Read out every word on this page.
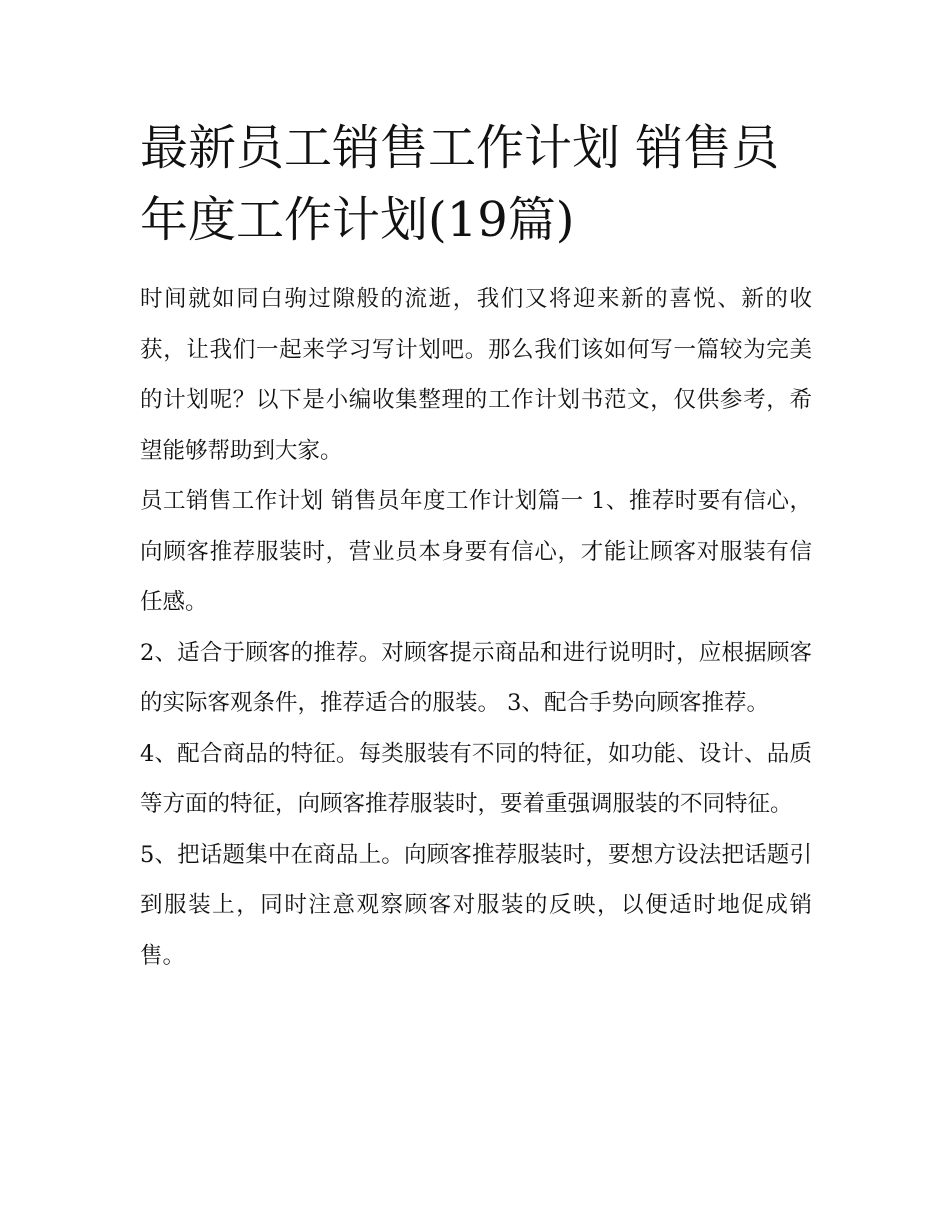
最新员工销售工作计划 销售员年度工作计划(19篇)

时间就如同白驹过隙般的流逝，我们又将迎来新的喜悦、新的收获，让我们一起来学习写计划吧。那么我们该如何写一篇较为完美的计划呢？以下是小编收集整理的工作计划书范文，仅供参考，希望能够帮助到大家。

员工销售工作计划 销售员年度工作计划篇一 1、推荐时要有信心，向顾客推荐服装时，营业员本身要有信心，才能让顾客对服装有信任感。

2、适合于顾客的推荐。对顾客提示商品和进行说明时，应根据顾客的实际客观条件，推荐适合的服装。 3、配合手势向顾客推荐。

4、配合商品的特征。每类服装有不同的特征，如功能、设计、品质等方面的特征，向顾客推荐服装时，要着重强调服装的不同特征。

5、把话题集中在商品上。向顾客推荐服装时，要想方设法把话题引到服装上，同时注意观察顾客对服装的反映，以便适时地促成销售。
